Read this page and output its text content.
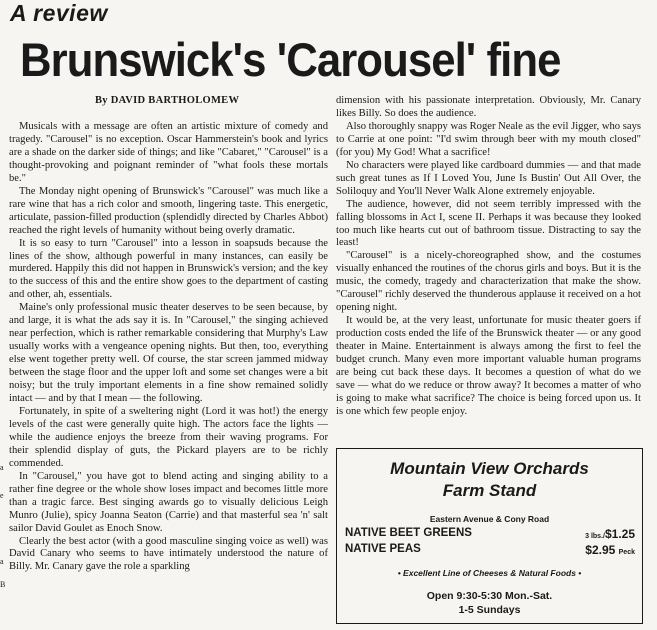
A review
Brunswick's 'Carousel' fine
By DAVID BARTHOLOMEW

Musicals with a message are often an artistic mixture of comedy and tragedy. "Carousel" is no exception. Oscar Hammerstein's book and lyrics are a shade on the darker side of things; and like "Cabaret," "Carousel" is a thought-provoking and poignant reminder of "what fools these mortals be."

The Monday night opening of Brunswick's "Carousel" was much like a rare wine that has a rich color and smooth, lingering taste. This energetic, articulate, passion-filled production (splendidly directed by Charles Abbot) reached the right levels of humanity without being overly dramatic.

It is so easy to turn "Carousel" into a lesson in soapsuds because the lines of the show, although powerful in many instances, can easily be murdered. Happily this did not happen in Brunswick's version; and the key to the success of this and the entire show goes to the department of casting and other, ah, essentials.

Maine's only professional music theater deserves to be seen because, by and large, it is what the ads say it is. In "Carousel," the singing achieved near perfection, which is rather remarkable considering that Murphy's Law usually works with a vengeance opening nights. But then, too, everything else went together pretty well. Of course, the star screen jammed midway between the stage floor and the upper loft and some set changes were a bit noisy; but the truly important elements in a fine show remained solidly intact — and by that I mean — the following.

Fortunately, in spite of a sweltering night (Lord it was hot!) the energy levels of the cast were generally quite high. The actors face the lights — while the audience enjoys the breeze from their waving programs. For their splendid display of guts, the Pickard players are to be richly commended.

In "Carousel," you have got to blend acting and singing ability to a rather fine degree or the whole show loses impact and becomes little more than a tragic farce. Best singing awards go to visually delicious Leigh Munro (Julie), spicy Joanna Seaton (Carrie) and that masterful sea 'n' salt sailor David Goulet as Enoch Snow.

Clearly the best actor (with a good masculine singing voice as well) was David Canary who seems to have intimately understood the nature of Billy. Mr. Canary gave the role a sparkling

dimension with his passionate interpretation. Obviously, Mr. Canary likes Billy. So does the audience.

Also thoroughly snappy was Roger Neale as the evil Jigger, who says to Carrie at one point: "I'd swim through beer with my mouth closed" (for you) My God! What a sacrifice!

No characters were played like cardboard dummies — and that made such great tunes as If I Loved You, June Is Bustin' Out All Over, the Soliloquy and You'll Never Walk Alone extremely enjoyable.

The audience, however, did not seem terribly impressed with the falling blossoms in Act I, scene II. Perhaps it was because they looked too much like hearts cut out of bathroom tissue. Distracting to say the least!

"Carousel" is a nicely-choreographed show, and the costumes visually enhanced the routines of the chorus girls and boys. But it is the music, the comedy, tragedy and characterization that make the show. "Carousel" richly deserved the thunderous applause it received on a hot opening night.

It would be, at the very least, unfortunate for music theater goers if production costs ended the life of the Brunswick theater — or any good theater in Maine. Entertainment is always among the first to feel the budget crunch. Many even more important valuable human programs are being cut back these days. It becomes a question of what do we save — what do we reduce or throw away? It becomes a matter of who is going to make what sacrifice? The choice is being forced upon us. It is one which few people enjoy.

Mountain View Orchards
Farm Stand
Eastern Avenue & Cony Road
NATIVE BEET GREENS	3 lbs./$1.25
NATIVE PEAS	$2.95 Peck
• Excellent Line of Cheeses & Natural Foods •
Open 9:30-5:30 Mon.-Sat.
1-5 Sundays
a
e
a
B
